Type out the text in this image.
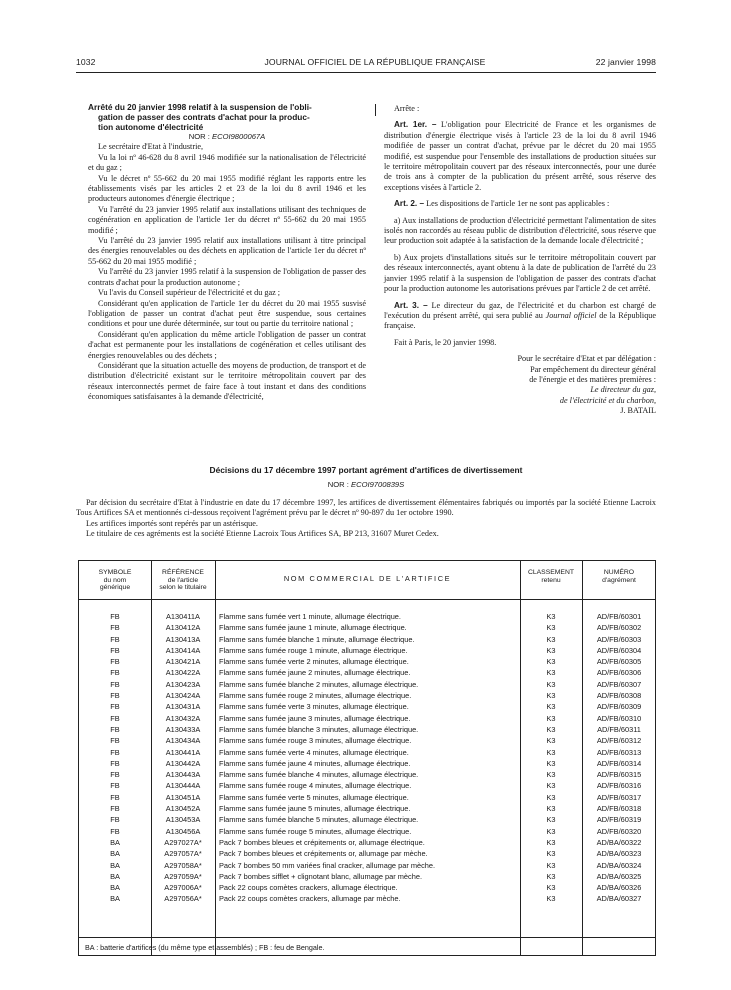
1032	JOURNAL OFFICIEL DE LA RÉPUBLIQUE FRANÇAISE	22 janvier 1998

Arrêté du 20 janvier 1998 relatif à la suspension de l'obli-

gation de passer des contrats d'achat pour la produc-

tion autonome d'électricité

NOR : ECOI9800067A

Le secrétaire d'Etat à l'industrie,

Vu la loi nº 46-628 du 8 avril 1946 modifiée sur la nationalisation de l'électricité et du gaz ;

Vu le décret nº 55-662 du 20 mai 1955 modifié réglant les rapports entre les établissements visés par les articles 2 et 23 de la loi du 8 avril 1946 et les producteurs autonomes d'énergie électrique ;

Vu l'arrêté du 23 janvier 1995 relatif aux installations utilisant des techniques de cogénération en application de l'article 1er du décret nº 55-662 du 20 mai 1955 modifié ;

Vu l'arrêté du 23 janvier 1995 relatif aux installations utilisant à titre principal des énergies renouvelables ou des déchets en application de l'article 1er du décret nº 55-662 du 20 mai 1955 modifié ;

Vu l'arrêté du 23 janvier 1995 relatif à la suspension de l'obligation de passer des contrats d'achat pour la production autonome ;

Vu l'avis du Conseil supérieur de l'électricité et du gaz ;

Considérant qu'en application de l'article 1er du décret du 20 mai 1955 susvisé l'obligation de passer un contrat d'achat peut être suspendue, sous certaines conditions et pour une durée déterminée, sur tout ou partie du territoire national ;

Considérant qu'en application du même article l'obligation de passer un contrat d'achat est permanente pour les installations de cogénération et celles utilisant des énergies renouvelables ou des déchets ;

Considérant que la situation actuelle des moyens de production, de transport et de distribution d'électricité existant sur le territoire métropolitain couvert par des réseaux interconnectés permet de faire face à tout instant et dans des conditions économiques satisfaisantes à la demande d'électricité,

Arrête :

Art. 1er. – L'obligation pour Electricité de France et les organismes de distribution d'énergie électrique visés à l'article 23 de la loi du 8 avril 1946 modifiée de passer un contrat d'achat, prévue par le décret du 20 mai 1955 modifié, est suspendue pour l'ensemble des installations de production situées sur le territoire métropolitain couvert par des réseaux interconnectés, pour une durée de trois ans à compter de la publication du présent arrêté, sous réserve des exceptions visées à l'article 2.

Art. 2. – Les dispositions de l'article 1er ne sont pas applicables :

a) Aux installations de production d'électricité permettant l'alimentation de sites isolés non raccordés au réseau public de distribution d'électricité, sous réserve que leur production soit adaptée à la satisfaction de la demande locale d'électricité ;

b) Aux projets d'installations situés sur le territoire métropolitain couvert par des réseaux interconnectés, ayant obtenu à la date de publication de l'arrêté du 23 janvier 1995 relatif à la suspension de l'obligation de passer des contrats d'achat pour la production autonome les autorisations prévues par l'article 2 de cet arrêté.

Art. 3. – Le directeur du gaz, de l'électricité et du charbon est chargé de l'exécution du présent arrêté, qui sera publié au Journal officiel de la République française.

Fait à Paris, le 20 janvier 1998.

Pour le secrétaire d'Etat et par délégation :

Par empêchement du directeur général

de l'énergie et des matières premières :

Le directeur du gaz,

de l'électricité et du charbon,

J. BATAIL

Décisions du 17 décembre 1997 portant agrément d'artifices de divertissement
NOR : ECOI9700839S

Par décision du secrétaire d'Etat à l'industrie en date du 17 décembre 1997, les artifices de divertissement élémentaires fabriqués ou importés par la société Etienne Lacroix Tous Artifices SA et mentionnés ci-dessous reçoivent l'agrément prévu par le décret nº 90-897 du 1er octobre 1990.

Les artifices importés sont repérés par un astérisque.

Le titulaire de ces agréments est la société Etienne Lacroix Tous Artifices SA, BP 213, 31607 Muret Cedex.

SYMBOLE
du nom
générique
RÉFÉRENCE
de l'article
selon le titulaire
NOM COMMERCIAL DE L'ARTIFICE
CLASSEMENT
retenu
NUMÉRO
d'agrément
FB
FB
FB
FB
FB
FB
FB
FB
FB
FB
FB
FB
FB
FB
FB
FB
FB
FB
FB
FB
BA
BA
BA
BA
BA
BA
A130411A
A130412A
A130413A
A130414A
A130421A
A130422A
A130423A
A130424A
A130431A
A130432A
A130433A
A130434A
A130441A
A130442A
A130443A
A130444A
A130451A
A130452A
A130453A
A130456A
A297027A*
A297057A*
A297058A*
A297059A*
A297006A*
A297056A*
Flamme sans fumée vert 1 minute, allumage électrique.
Flamme sans fumée jaune 1 minute, allumage électrique.
Flamme sans fumée blanche 1 minute, allumage électrique.
Flamme sans fumée rouge 1 minute, allumage électrique.
Flamme sans fumée verte 2 minutes, allumage électrique.
Flamme sans fumée jaune 2 minutes, allumage électrique.
Flamme sans fumée blanche 2 minutes, allumage électrique.
Flamme sans fumée rouge 2 minutes, allumage électrique.
Flamme sans fumée verte 3 minutes, allumage électrique.
Flamme sans fumée jaune 3 minutes, allumage électrique.
Flamme sans fumée blanche 3 minutes, allumage électrique.
Flamme sans fumée rouge 3 minutes, allumage électrique.
Flamme sans fumée verte 4 minutes, allumage électrique.
Flamme sans fumée jaune 4 minutes, allumage électrique.
Flamme sans fumée blanche 4 minutes, allumage électrique.
Flamme sans fumée rouge 4 minutes, allumage électrique.
Flamme sans fumée verte 5 minutes, allumage électrique.
Flamme sans fumée jaune 5 minutes, allumage électrique.
Flamme sans fumée blanche 5 minutes, allumage électrique.
Flamme sans fumée rouge 5 minutes, allumage électrique.
Pack 7 bombes bleues et crépitements or, allumage électrique.
Pack 7 bombes bleues et crépitements or, allumage par mèche.
Pack 7 bombes 50 mm variées final cracker, allumage par mèche.
Pack 7 bombes sifflet + clignotant blanc, allumage par mèche.
Pack 22 coups comètes crackers, allumage électrique.
Pack 22 coups comètes crackers, allumage par mèche.
K3
K3
K3
K3
K3
K3
K3
K3
K3
K3
K3
K3
K3
K3
K3
K3
K3
K3
K3
K3
K3
K3
K3
K3
K3
K3
AD/FB/60301
AD/FB/60302
AD/FB/60303
AD/FB/60304
AD/FB/60305
AD/FB/60306
AD/FB/60307
AD/FB/60308
AD/FB/60309
AD/FB/60310
AD/FB/60311
AD/FB/60312
AD/FB/60313
AD/FB/60314
AD/FB/60315
AD/FB/60316
AD/FB/60317
AD/FB/60318
AD/FB/60319
AD/FB/60320
AD/BA/60322
AD/BA/60323
AD/BA/60324
AD/BA/60325
AD/BA/60326
AD/BA/60327
BA : batterie d'artifices (du même type et assemblés) ; FB : feu de Bengale.
